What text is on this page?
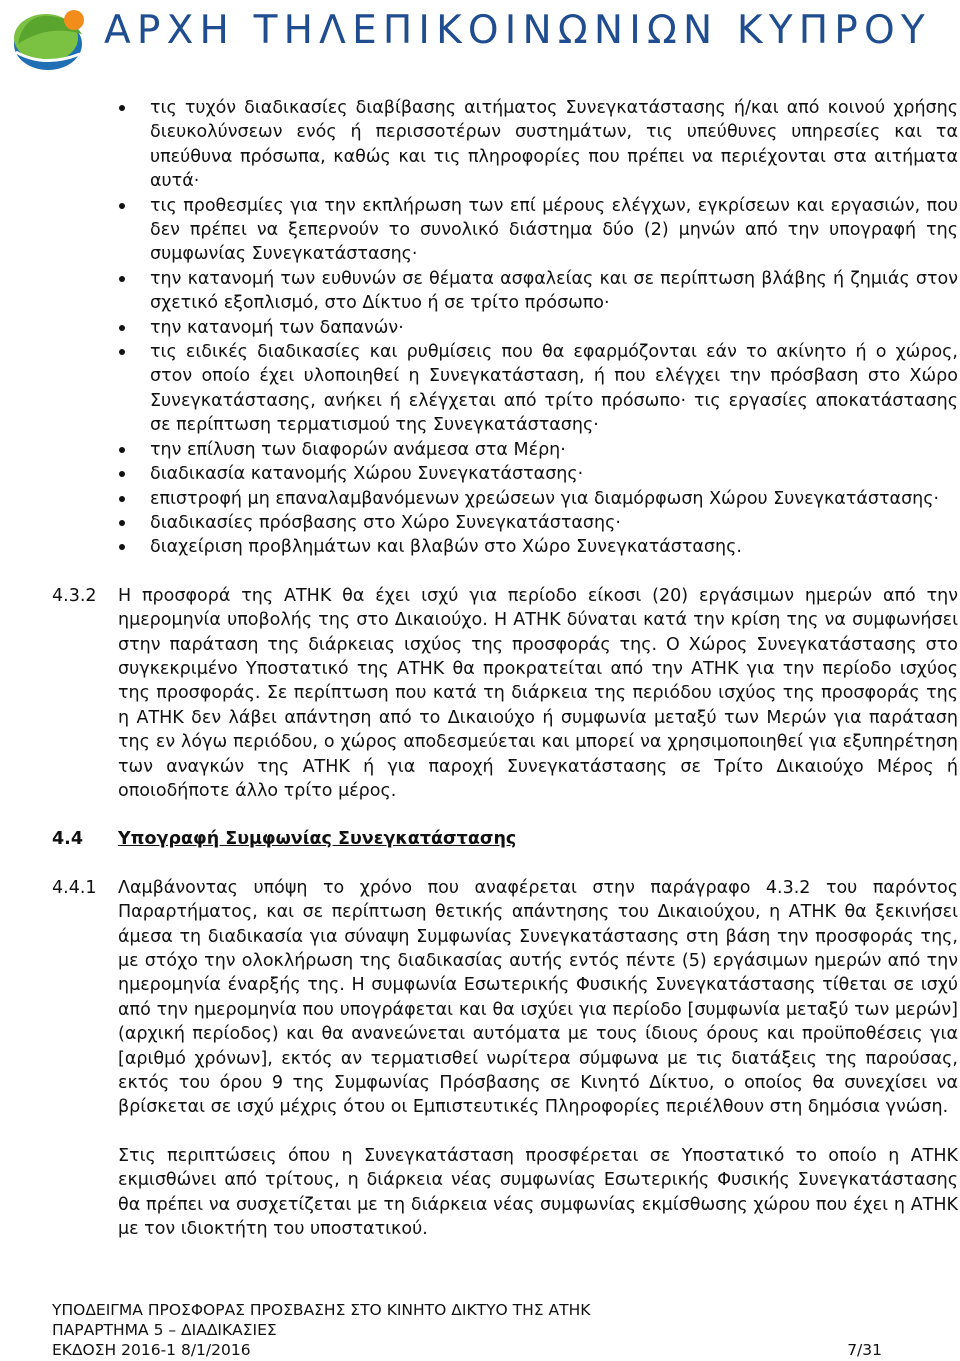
ΑΡΧΗ ΤΗΛΕΠΙΚΟΙΝΩΝΙΩΝ ΚΥΠΡΟΥ
τις τυχόν διαδικασίες διαβίβασης αιτήματος Συνεγκατάστασης ή/και από κοινού χρήσης διευκολύνσεων ενός ή περισσοτέρων συστημάτων, τις υπεύθυνες υπηρεσίες και τα υπεύθυνα πρόσωπα, καθώς και τις πληροφορίες που πρέπει να περιέχονται στα αιτήματα αυτά·
τις προθεσμίες για την εκπλήρωση των επί μέρους ελέγχων, εγκρίσεων και εργασιών, που δεν πρέπει να ξεπερνούν το συνολικό διάστημα δύο (2) μηνών από την υπογραφή της συμφωνίας Συνεγκατάστασης·
την κατανομή των ευθυνών σε θέματα ασφαλείας και σε περίπτωση βλάβης ή ζημιάς στον σχετικό εξοπλισμό, στο Δίκτυο ή σε τρίτο πρόσωπο·
την κατανομή των δαπανών·
τις ειδικές διαδικασίες και ρυθμίσεις που θα εφαρμόζονται εάν το ακίνητο ή ο χώρος, στον οποίο έχει υλοποιηθεί η Συνεγκατάσταση, ή που ελέγχει την πρόσβαση στο Χώρο Συνεγκατάστασης, ανήκει ή ελέγχεται από τρίτο πρόσωπο· τις εργασίες αποκατάστασης σε περίπτωση τερματισμού της Συνεγκατάστασης·
την επίλυση των διαφορών ανάμεσα στα Μέρη·
διαδικασία κατανομής Χώρου Συνεγκατάστασης·
επιστροφή μη επαναλαμβανόμενων χρεώσεων για διαμόρφωση Χώρου Συνεγκατάστασης·
διαδικασίες πρόσβασης στο Χώρο Συνεγκατάστασης·
διαχείριση προβλημάτων και βλαβών στο Χώρο Συνεγκατάστασης.
4.3.2 Η προσφορά της ΑΤΗΚ θα έχει ισχύ για περίοδο είκοσι (20) εργάσιμων ημερών από την ημερομηνία υποβολής της στο Δικαιούχο. Η ΑΤΗΚ δύναται κατά την κρίση της να συμφωνήσει στην παράταση της διάρκειας ισχύος της προσφοράς της. Ο Χώρος Συνεγκατάστασης στο συγκεκριμένο Υποστατικό της ΑΤΗΚ θα προκρατείται από την ΑΤΗΚ για την περίοδο ισχύος της προσφοράς. Σε περίπτωση που κατά τη διάρκεια της περιόδου ισχύος της προσφοράς της η ΑΤΗΚ δεν λάβει απάντηση από το Δικαιούχο ή συμφωνία μεταξύ των Μερών για παράταση της εν λόγω περιόδου, ο χώρος αποδεσμεύεται και μπορεί να χρησιμοποιηθεί για εξυπηρέτηση των αναγκών της ΑΤΗΚ ή για παροχή Συνεγκατάστασης σε Τρίτο Δικαιούχο Μέρος ή οποιοδήποτε άλλο τρίτο μέρος.

4.4 Υπογραφή Συμφωνίας Συνεγκατάστασης
4.4.1 Λαμβάνοντας υπόψη το χρόνο που αναφέρεται στην παράγραφο 4.3.2 του παρόντος Παραρτήματος, και σε περίπτωση θετικής απάντησης του Δικαιούχου, η ΑΤΗΚ θα ξεκινήσει άμεσα τη διαδικασία για σύναψη Συμφωνίας Συνεγκατάστασης στη βάση την προσφοράς της, με στόχο την ολοκλήρωση της διαδικασίας αυτής εντός πέντε (5) εργάσιμων ημερών από την ημερομηνία έναρξής της. Η συμφωνία Εσωτερικής Φυσικής Συνεγκατάστασης τίθεται σε ισχύ από την ημερομηνία που υπογράφεται και θα ισχύει για περίοδο [συμφωνία μεταξύ των μερών] (αρχική περίοδος) και θα ανανεώνεται αυτόματα με τους ίδιους όρους και προϋποθέσεις για [αριθμό χρόνων], εκτός αν τερματισθεί νωρίτερα σύμφωνα με τις διατάξεις της παρούσας, εκτός του όρου 9 της Συμφωνίας Πρόσβασης σε Κινητό Δίκτυο, ο οποίος θα συνεχίσει να βρίσκεται σε ισχύ μέχρις ότου οι Εμπιστευτικές Πληροφορίες περιέλθουν στη δημόσια γνώση.

Στις περιπτώσεις όπου η Συνεγκατάσταση προσφέρεται σε Υποστατικό το οποίο η ΑΤΗΚ εκμισθώνει από τρίτους, η διάρκεια νέας συμφωνίας Εσωτερικής Φυσικής Συνεγκατάστασης θα πρέπει να συσχετίζεται με τη διάρκεια νέας συμφωνίας εκμίσθωσης χώρου που έχει η ΑΤΗΚ με τον ιδιοκτήτη του υποστατικού.

ΥΠΟΔΕΙΓΜΑ ΠΡΟΣΦΟΡΑΣ ΠΡΟΣΒΑΣΗΣ ΣΤΟ ΚΙΝΗΤΟ ΔΙΚΤΥΟ ΤΗΣ ΑΤΗΚ
ΠΑΡΑΡΤΗΜΑ 5 – ΔΙΑΔΙΚΑΣΙΕΣ
ΕΚΔΟΣΗ 2016-1 8/1/2016	7/31
